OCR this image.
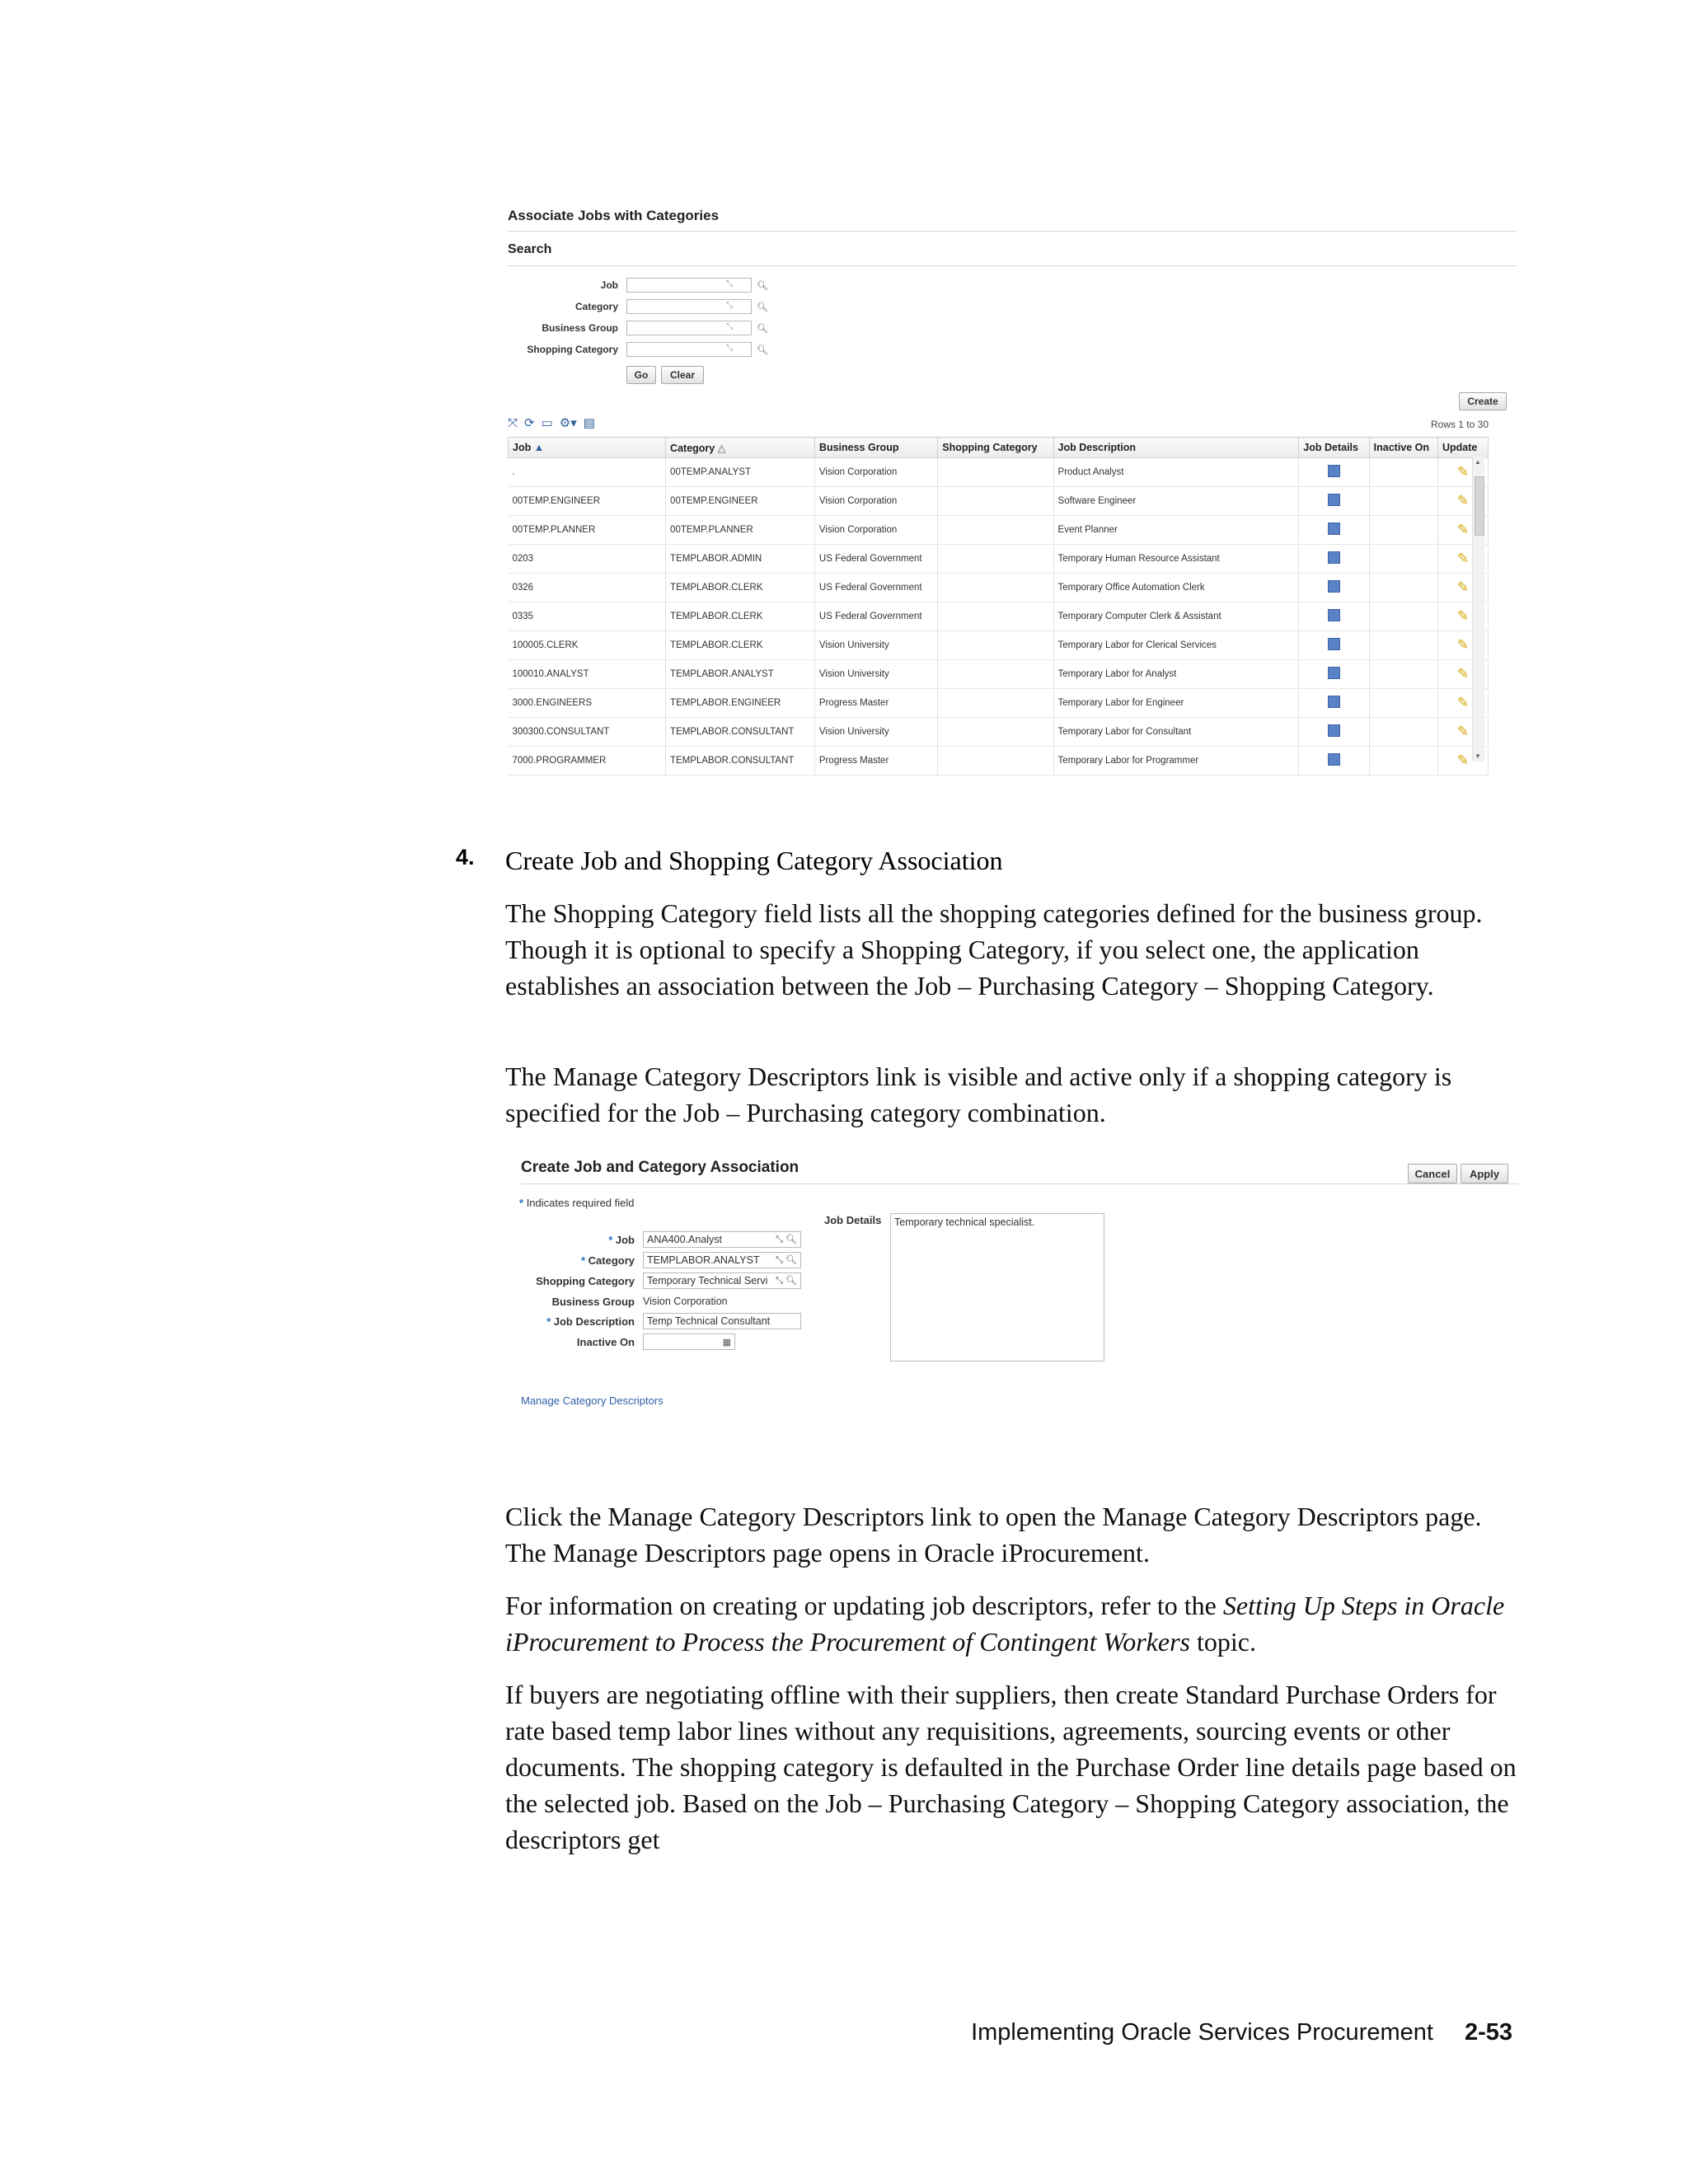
Associate Jobs with Categories
Search
Job	⤡	🔍︎
Category	⤡	🔍︎
Business Group	⤡	🔍︎
Shopping Category	⤡	🔍︎
Go	Clear
Create
⤧ ⟳ ▭ ⚙▾ ▤	Rows 1 to 30
Job ▲	Category △	Business Group	Shopping Category	Job Description	Job Details	Inactive On	Update
.	00TEMP.ANALYST	Vision Corporation		Product Analyst			✎
00TEMP.ENGINEER	00TEMP.ENGINEER	Vision Corporation		Software Engineer			✎
00TEMP.PLANNER	00TEMP.PLANNER	Vision Corporation		Event Planner			✎
0203	TEMPLABOR.ADMIN	US Federal Government		Temporary Human Resource Assistant			✎
0326	TEMPLABOR.CLERK	US Federal Government		Temporary Office Automation Clerk			✎
0335	TEMPLABOR.CLERK	US Federal Government		Temporary Computer Clerk & Assistant			✎
100005.CLERK	TEMPLABOR.CLERK	Vision University		Temporary Labor for Clerical Services			✎
100010.ANALYST	TEMPLABOR.ANALYST	Vision University		Temporary Labor for Analyst			✎
3000.ENGINEERS	TEMPLABOR.ENGINEER	Progress Master		Temporary Labor for Engineer			✎
300300.CONSULTANT	TEMPLABOR.CONSULTANT	Vision University		Temporary Labor for Consultant			✎
7000.PROGRAMMER	TEMPLABOR.CONSULTANT	Progress Master		Temporary Labor for Programmer			✎
▲
▼
4. Create Job and Shopping Category Association

The Shopping Category field lists all the shopping categories defined for the business group. Though it is optional to specify a Shopping Category, if you select one, the application establishes an association between the Job – Purchasing Category – Shopping Category.

The Manage Category Descriptors link is visible and active only if a shopping category is specified for the Job – Purchasing category combination.

Create Job and Category Association	Cancel	Apply
* Indicates required field
* Job	ANA400.Analyst	⤡ 🔍︎
* Category	TEMPLABOR.ANALYST ⤡ 🔍︎
Shopping Category	Temporary Technical Servi ⤡ 🔍︎
Business Group Vision Corporation
* Job Description	Temp Technical Consultant
Inactive On	▦
Job Details	Temporary technical specialist.
Manage Category Descriptors

Click the Manage Category Descriptors link to open the Manage Category Descriptors page. The Manage Descriptors page opens in Oracle iProcurement.

For information on creating or updating job descriptors, refer to the Setting Up Steps in Oracle iProcurement to Process the Procurement of Contingent Workers topic.

If buyers are negotiating offline with their suppliers, then create Standard Purchase Orders for rate based temp labor lines without any requisitions, agreements, sourcing events or other documents. The shopping category is defaulted in the Purchase Order line details page based on the selected job. Based on the Job – Purchasing Category – Shopping Category association, the descriptors get

Implementing Oracle Services Procurement 2-53
